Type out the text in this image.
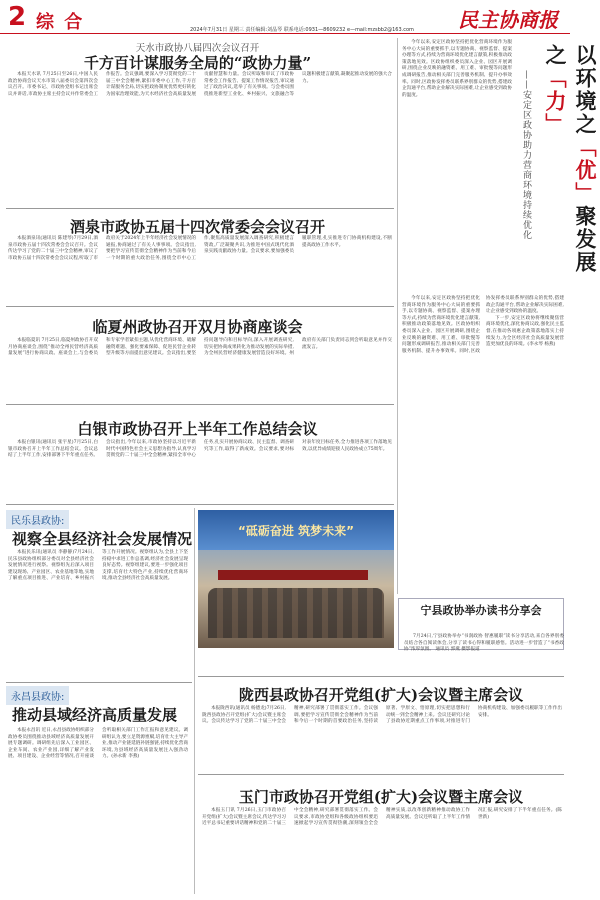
2 综 合	2024年7月31日 星期三 责任编辑:刘晶琴 联系电话:0931—8609232 e—mail:mzsbb2@163.com 民主协商报
天水市政协八届四次会议召开
千方百计谋服务全局的“政协力量”

本报天水讯 7月25日至26日,中国人民政治协商会议天水市第八届委员会第四次会议召开。市委书记、市政协党组书记出席会议并讲话,市政协主席主持会议并作常委会工作报告。会议强调,要深入学习贯彻党的二十届三中全会精神,紧扣市委中心工作,千方百计谋服务全局,切实把政协制度优势更好转化为国家治理效能,为天水经济社会高质量发展贡献智慧和力量。会议听取和审议了市政协常委会工作报告、提案工作情况报告,审议通过了政治决议,选举了有关事项。与会委员围绕推进新型工业化、乡村振兴、文旅融合等议题积极建言献策,凝聚起推动发展的强大合力。

酒泉市政协五届十四次常委会会议召开

本报酒泉讯(通讯员 陈建琴)7月29日,酒泉市政协五届十四次常委会会议召开。会议传达学习了党的二十届三中全会精神,审议了市政协五届十四次常委会会议议程,听取了市政府关于2024年上半年经济社会发展情况的通报,协商通过了有关人事事项。会议指出,要把学习宣传贯彻全会精神作为当前和今后一个时期的重大政治任务,围绕全市中心工作,聚焦高质量发展深入调查研究,积极建言资政,广泛凝聚共识,为推进中国式现代化酒泉实践贡献政协力量。会议要求,要加强委员履职管理,扎实推进专门协商机构建设,不断提高政协工作水平。

临夏州政协召开双月协商座谈会

本报临夏讯 7月25日,临夏州政协召开双月协商座谈会,围绕“推动全州民营经济高质量发展”进行协商议政。座谈会上,与会委员和专家学者紧扣主题,从优化营商环境、破解融资难题、强化要素保障、促进民营企业转型升级等方面提出意见建议。会议指出,要坚持问题导向和目标导向,深入开展调查研究,切实把协商成果转化为推动发展的实际举措,为全州民营经济健康发展营造良好环境。州政府有关部门负责同志到会听取意见并作交流发言。

白银市政协召开上半年工作总结会议

本报白银讯(通讯员 张宇星)7月25日,白银市政协召开上半年工作总结会议。会议总结了上半年工作,安排部署下半年重点任务。会议指出,今年以来,市政协坚持以习近平新时代中国特色社会主义思想为指导,认真学习贯彻党的二十届三中全会精神,紧扣全市中心任务,扎实开展协商议政、民主监督、调查研究等工作,取得了新成效。会议要求,要对标对表年度目标任务,全力推进各项工作落地见效,以优异成绩迎接人民政协成立75周年。

民乐县政协:
视察全县经济社会发展情况

本报民乐讯(通讯员 李静静)7月24日,民乐县政协组织部分委员对全县经济社会发展情况进行视察。视察组先后深入项目建设现场、产业园区、农业基地等地,实地了解重点项目推进、产业培育、乡村振兴等工作开展情况。视察组认为,全县上下坚持稳中求进工作总基调,经济社会发展呈现良好态势。视察组建议,要进一步强化项目支撑,培育壮大特色产业,持续优化营商环境,推动全县经济社会高质量发展。

永昌县政协:
推动县域经济高质量发展

本报永昌讯 近日,永昌县政协组织部分政协委员围绕推动县域经济高质量发展开展专题调研。调研组先后深入工业园区、企业车间、农业产业园,详细了解产业发展、项目建设、企业经营等情况,召开座谈会听取相关部门工作汇报和意见建议。调研组认为,要立足资源禀赋,培育壮大主导产业,推动产业链延链补链强链,持续优化营商环境,为县域经济高质量发展注入强劲动力。(孙永新 李燕)

“砥砺奋进 筑梦未来”
宁县政协举办读书分享会

7月24日,宁县政协举办“书润政协 智惠履职”读书分享活动,来自各界别委员结合各自阅读体会,分享了读书心得和履职感悟。活动进一步营造了“书香政协”浓厚氛围。 通讯员 郭燕 摄影报道

陇西县政协召开党组(扩大)会议暨主席会议

本报陇西讯(通讯员 杨德龙)7月26日,陇西县政协召开党组(扩大)会议暨主席会议。会议传达学习了党的二十届三中全会精神,研究部署了贯彻落实工作。会议强调,要把学习宣传贯彻全会精神作为当前和今后一个时期的首要政治任务,坚持读原著、学原文、悟原理,切实把思想和行动统一到全会精神上来。会议还研究讨论了县政协近期重点工作事项,对推进专门协商机构建设、加强委员履职等工作作出安排。

玉门市政协召开党组(扩大)会议暨主席会议

本报玉门讯 7月26日,玉门市政协召开党组(扩大)会议暨主席会议,传达学习习近平总书记重要讲话精神和党的二十届三中全会精神,研究部署贯彻落实工作。会议要求,市政协党组和各级政协组织要迅速掀起学习宣传贯彻热潮,深刻领会全会精神实质,以改革创新精神推动政协工作高质量发展。会议还听取了上半年工作情况汇报,研究安排了下半年重点任务。(陈世新)

以环境之「优」聚发展之「力」
——安定区政协助力营商环境持续优化

今年以来,安定区政协坚持把优化营商环境作为服务中心大局的重要抓手,以专题协商、视察监督、提案办理等方式,持续为营商环境优化建言献策,积极推动政策落地见效。区政协组织委员深入企业、园区开展调研,围绕企业反映的融资难、用工难、审批慢等问题形成调研报告,推动相关部门完善服务机制、提升办事效率。同时,区政协发挥委员联系界别群众的优势,搭建政企沟通平台,帮助企业解决实际困难,让企业感受到政协的温度。

今年以来,安定区政协坚持把优化营商环境作为服务中心大局的重要抓手,以专题协商、视察监督、提案办理等方式,持续为营商环境优化建言献策,积极推动政策落地见效。区政协组织委员深入企业、园区开展调研,围绕企业反映的融资难、用工难、审批慢等问题形成调研报告,推动相关部门完善服务机制、提升办事效率。同时,区政协发挥委员联系界别群众的优势,搭建政企沟通平台,帮助企业解决实际困难,让企业感受到政协的温度。

下一步,安定区政协将继续聚焦营商环境优化,深化协商议政,强化民主监督,在推动各项惠企政策落地落实上持续发力,为全区经济社会高质量发展营造更加优良的环境。(李永琴 杨燕)
